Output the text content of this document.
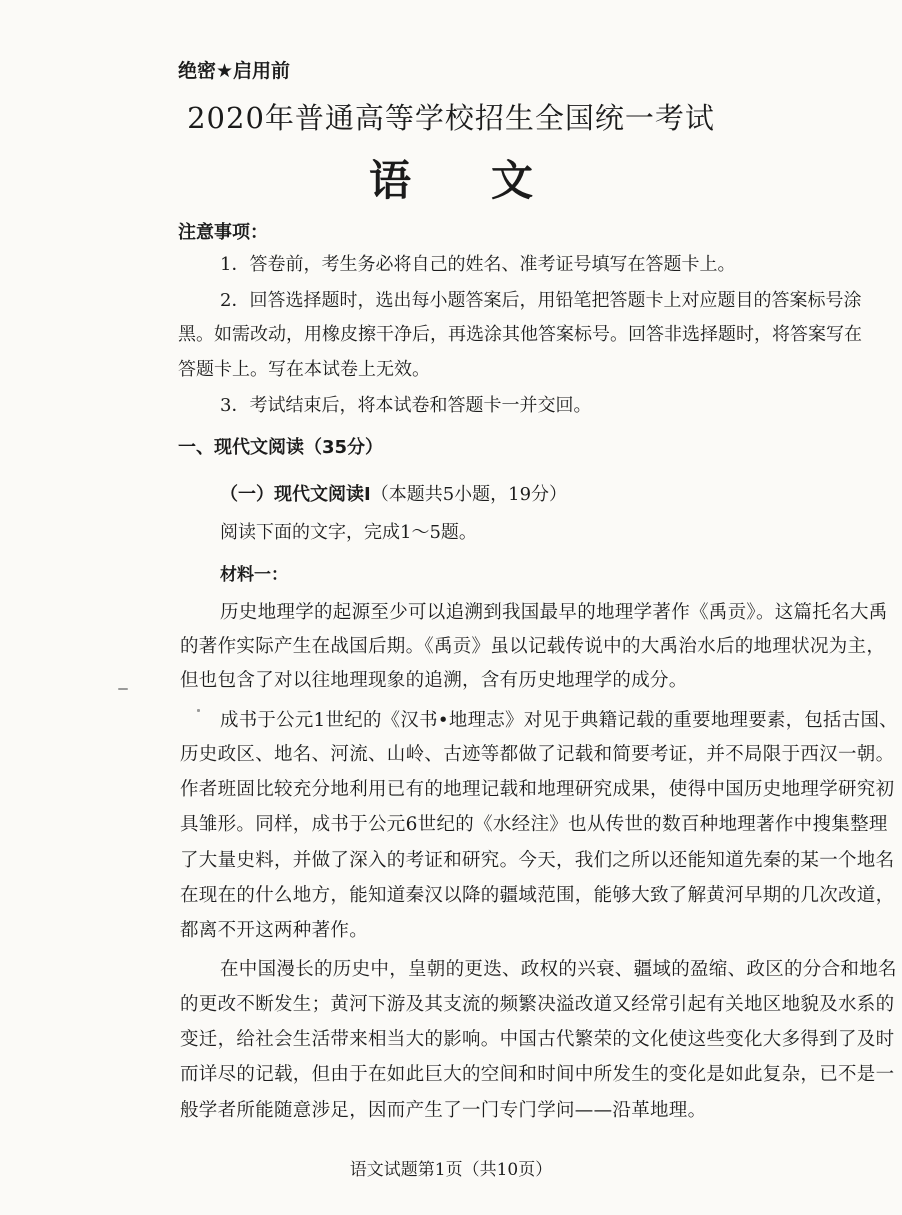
绝密★启用前
2020年普通高等学校招生全国统一考试
语 文
注意事项：
1．答卷前，考生务必将自己的姓名、准考证号填写在答题卡上。
2．回答选择题时，选出每小题答案后，用铅笔把答题卡上对应题目的答案标号涂
黑。如需改动，用橡皮擦干净后，再选涂其他答案标号。回答非选择题时，将答案写在
答题卡上。写在本试卷上无效。
3．考试结束后，将本试卷和答题卡一并交回。
一、现代文阅读（35分）
（一）现代文阅读Ⅰ（本题共5小题，19分）
阅读下面的文字，完成1～5题。
材料一：
历史地理学的起源至少可以追溯到我国最早的地理学著作《禹贡》。这篇托名大禹
的著作实际产生在战国后期。《禹贡》虽以记载传说中的大禹治水后的地理状况为主，
但也包含了对以往地理现象的追溯，含有历史地理学的成分。
成书于公元1世纪的《汉书•地理志》对见于典籍记载的重要地理要素，包括古国、
历史政区、地名、河流、山岭、古迹等都做了记载和简要考证，并不局限于西汉一朝。
作者班固比较充分地利用已有的地理记载和地理研究成果，使得中国历史地理学研究初
具雏形。同样，成书于公元6世纪的《水经注》也从传世的数百种地理著作中搜集整理
了大量史料，并做了深入的考证和研究。今天，我们之所以还能知道先秦的某一个地名
在现在的什么地方，能知道秦汉以降的疆域范围，能够大致了解黄河早期的几次改道，
都离不开这两种著作。
在中国漫长的历史中，皇朝的更迭、政权的兴衰、疆域的盈缩、政区的分合和地名
的更改不断发生；黄河下游及其支流的频繁决溢改道又经常引起有关地区地貌及水系的
变迁，给社会生活带来相当大的影响。中国古代繁荣的文化使这些变化大多得到了及时
而详尽的记载，但由于在如此巨大的空间和时间中所发生的变化是如此复杂，已不是一
般学者所能随意涉足，因而产生了一门专门学问——沿革地理。
语文试题第1页（共10页）
